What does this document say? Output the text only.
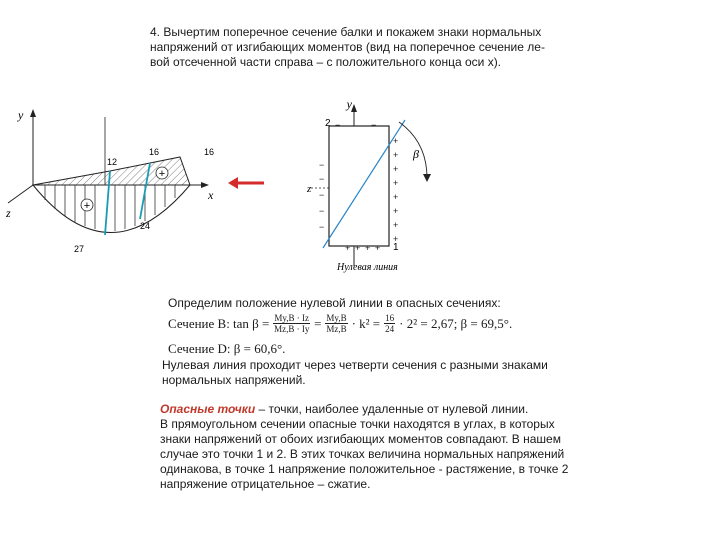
4. Вычертим поперечное сечение балки и покажем знаки нормальных
напряжений от изгибающих моментов (вид на поперечное сечение ле-
вой отсеченной части справа – с положительного конца оси x).
+
+
y
z
x
12
16	16
24
27
−
−
−
−
−
+
+
+
+
+
+
+
+
+ + + +
−	−
y
z
2
1
β
Нулевая линия
Определим положение нулевой линии в опасных сечениях:
Сечение B: $\tan \beta = \frac{My,B \cdot Iz}{Mz,B \cdot Iy} = \frac{My,B}{Mz,B} \cdot k^2 = \frac{16}{24} \cdot 2^2 = 2,67$; β = 69,5°.
Сечение D: β = 60,6°.
Нулевая линия проходит через четверти сечения с разными знаками
нормальных напряжений.
Опасные точки – точки, наиболее удаленные от нулевой линии.
В прямоугольном сечении опасные точки находятся в углах, в которых
знаки напряжений от обоих изгибающих моментов совпадают. В нашем
случае это точки 1 и 2. В этих точках величина нормальных напряжений
одинакова, в точке 1 напряжение положительное - растяжение, в точке 2
напряжение отрицательное – сжатие.
